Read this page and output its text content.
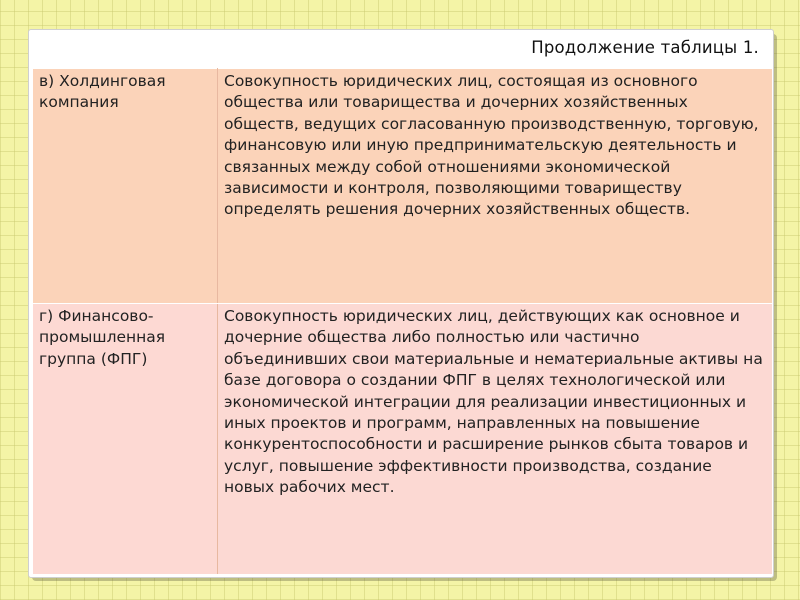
Продолжение таблицы 1.
в) Холдинговая компания	Совокупность юридических лиц, состоящая из основного общества или товарищества и дочерних хозяйственных обществ, ведущих согласованную производственную, торговую, финансовую или иную предпринимательскую деятельность и связанных между собой отношениями экономической зависимости и контроля, позволяющими товариществу определять решения дочерних хозяйственных обществ.
г) Финансово-промышленная группа (ФПГ)	Совокупность юридических лиц, действующих как основное и дочерние общества либо полностью или частично объединивших свои материальные и нематериальные активы на базе договора о создании ФПГ в целях технологической или экономической интеграции для реализации инвестиционных и иных проектов и программ, направленных на повышение конкурентоспособности и расширение рынков сбыта товаров и услуг, повышение эффективности производства, создание новых рабочих мест.
